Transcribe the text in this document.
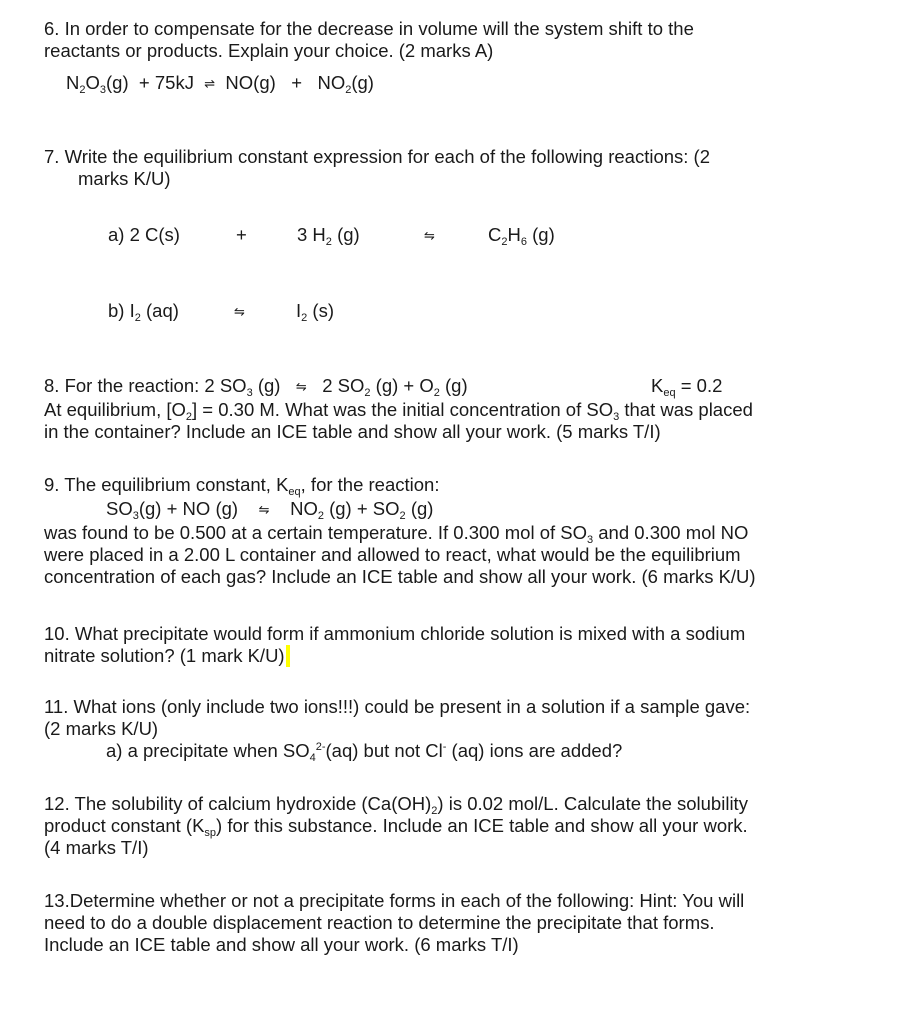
6. In order to compensate for the decrease in volume will the system shift to the
reactants or products. Explain your choice. (2 marks A)
$N_2O_3(g) + 75kJ$ ⇌ $NO(g) + NO_2(g)$
7. Write the equilibrium constant expression for each of the following reactions: (2
marks K/U)
a) 2 C(s)	+	3 $H_2$ (g)	⇋	$C_2H_6$ (g)
b) $I_2$ (aq)	⇋	$I_2$ (s)
8. For the reaction: 2 $SO_3$ (g) ⇋ 2 $SO_2$ $(g) + O_2$ (g)	$K_{eq} = 0.2$
At equilibrium, $[O_2] = 0.30$ M. What was the initial concentration of $SO_3$ that was placed
in the container? Include an ICE table and show all your work. (5 marks T/I)
9. The equilibrium constant, $K_{eq}$, for the reaction:
$SO_3(g)$ + NO (g) ⇋ $NO_2$ $(g) + SO_2$ (g)
was found to be 0.500 at a certain temperature. If 0.300 mol of $SO_3$ and 0.300 mol NO
were placed in a 2.00 L container and allowed to react, what would be the equilibrium
concentration of each gas? Include an ICE table and show all your work. (6 marks K/U)
10. What precipitate would form if ammonium chloride solution is mixed with a sodium
nitrate solution? (1 mark K/U)
11. What ions (only include two ions!!!) could be present in a solution if a sample gave:
(2 marks K/U)
a) a precipitate when $SO_4^{2-}(aq)$ but not Cl- (aq) ions are added?
12. The solubility of calcium hydroxide $(Ca(OH)_2)$ is 0.02 mol/L. Calculate the solubility
product constant $(K_{sp})$ for this substance. Include an ICE table and show all your work.
(4 marks T/I)
13.Determine whether or not a precipitate forms in each of the following: Hint: You will
need to do a double displacement reaction to determine the precipitate that forms.
Include an ICE table and show all your work. (6 marks T/I)
